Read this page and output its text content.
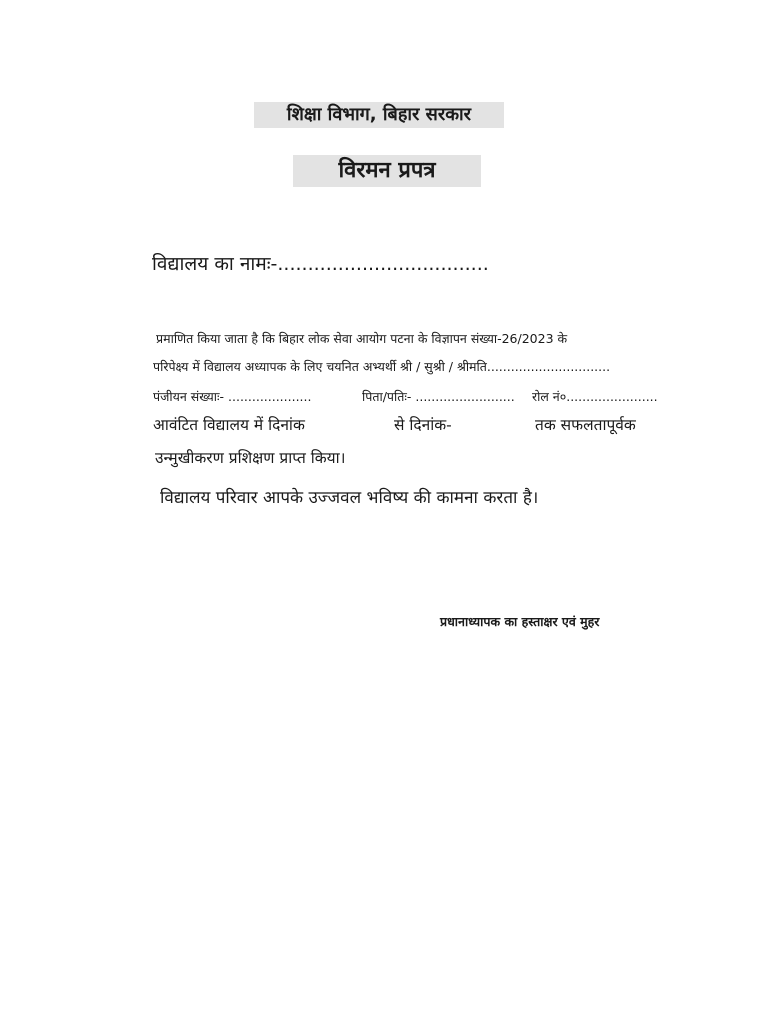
शिक्षा विभाग, बिहार सरकार
विरमन प्रपत्र
विद्यालय का नामः-...................................
प्रमाणित किया जाता है कि बिहार लोक सेवा आयोग पटना के विज्ञापन संख्या-26/2023 के
परिपेक्ष्य में विद्यालय अध्यापक के लिए चयनित अभ्यर्थी श्री / सुश्री / श्रीमति...............................
पंजीयन संख्याः- .....................	पिता/पतिः- ......................... रोल नं०.......................
आवंटित विद्यालय में दिनांक	से दिनांक-	तक सफलतापूर्वक
उन्मुखीकरण प्रशिक्षण प्राप्त किया।
विद्यालय परिवार आपके उज्जवल भविष्य की कामना करता है।
प्रधानाध्यापक का हस्ताक्षर एवं मुहर
